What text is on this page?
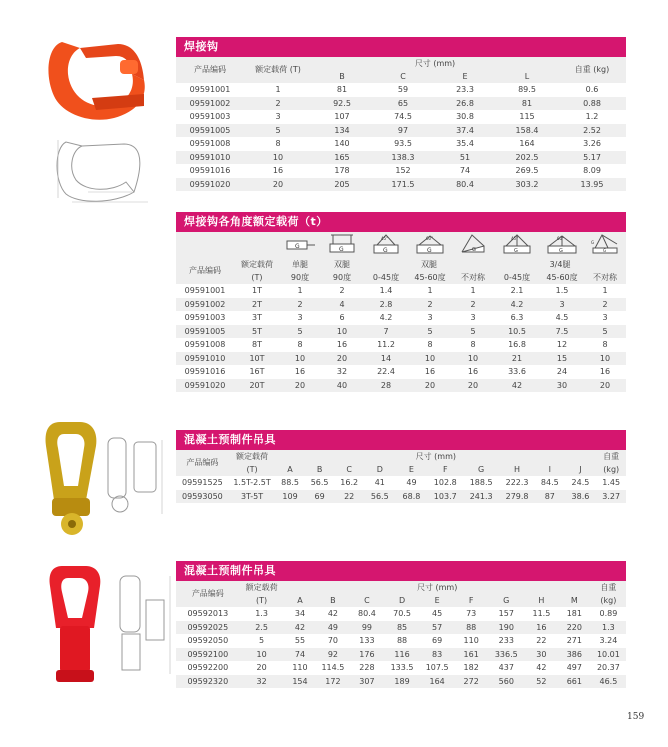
焊接钩
产品编码	额定载荷 (T)	尺寸 (mm)				自重 (kg)
		B	C	E	L	
09591001	1	81	59	23.3	89.5	0.6
09591002	2	92.5	65	26.8	81	0.88
09591003	3	107	74.5	30.8	115	1.2
09591005	5	134	97	37.4	158.4	2.52
09591008	8	140	93.5	35.4	164	3.26
09591010	10	165	138.3	51	202.5	5.17
09591016	16	178	152	74	269.5	8.09
09591020	20	205	171.5	80.4	303.2	13.95
焊接钩各角度额定载荷（t）

G	G	G
45°	G
60°	G	G
45°	G
60°	G
G

产品编码	额定载荷	单腿	双腿	双腿			3/4腿		
	(T)	90度	90度	0-45度	45-60度	不对称	0-45度	45-60度	不对称
09591001	1T	1	2	1.4	1	1	2.1	1.5	1
09591002	2T	2	4	2.8	2	2	4.2	3	2
09591003	3T	3	6	4.2	3	3	6.3	4.5	3
09591005	5T	5	10	7	5	5	10.5	7.5	5
09591008	8T	8	16	11.2	8	8	16.8	12	8
09591010	10T	10	20	14	10	10	21	15	10
09591016	16T	16	32	22.4	16	16	33.6	24	16
09591020	20T	20	40	28	20	20	42	30	20
混凝土预制件吊具
产品编码	额定载荷	尺寸 (mm)										自重
	(T)	A	B	C	D	E	F	G	H	I	J	(kg)
09591525	1.5T-2.5T	88.5	56.5	16.2	41	49	102.8	188.5	222.3	84.5	24.5	1.45
09593050	3T-5T	109	69	22	56.5	68.8	103.7	241.3	279.8	87	38.6	3.27
混凝土预制件吊具
产品编码	额定载荷	尺寸 (mm)									自重
	(T)	A	B	C	D	E	F	G	H	M	(kg)
09592013	1.3	34	42	80.4	70.5	45	73	157	11.5	181	0.89
09592025	2.5	42	49	99	85	57	88	190	16	220	1.3
09592050	5	55	70	133	88	69	110	233	22	271	3.24
09592100	10	74	92	176	116	83	161	336.5	30	386	10.01
09592200	20	110	114.5	228	133.5	107.5	182	437	42	497	20.37
09592320	32	154	172	307	189	164	272	560	52	661	46.5
159
